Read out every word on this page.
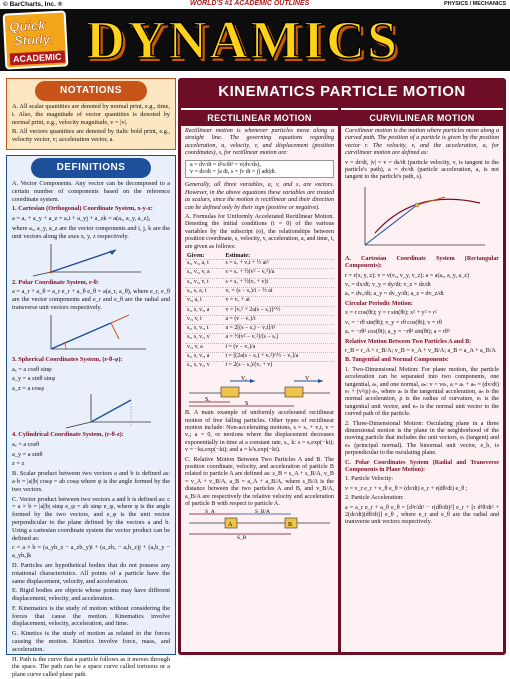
© BarCharts, Inc. ®	WORLD'S #1 ACADEMIC OUTLINES	PHYSICS / MECHANICS
Quick
Study.
ACADEMIC DYNAMICS
NOTATIONS

A. All scalar quantities are denoted by normal print, e.g., time, t. Also, the magnitude of vector quantities is denoted by normal print, e.g., velocity magnitude, v = |v|.

B. All vectors quantities are denoted by italic bold print, e.g., velocity vector, v; acceleration vector, a.

DEFINITIONS

A. Vector Components. Any vector can be decomposed to a certain number of components based on the reference coordinate system.

1. Cartesian (Orthogonal) Coordinate System, x-y-z:

a = aₓ + a_y + a_z = aₓi + a_yj + a_zk = a(aₓ, a_y, a_z),

where aₓ, a_y, a_z are the vector components and i, j, k are the unit vectors along the axes x, y, z respectively.

2. Polar Coordinate System, r-θ:

a = a_r + a_θ = a_r e_r + a_θ e_θ = a(a_r, a_θ), where e_r, e_θ are the vector components and e_r and e_θ are the radial and transverse unit vectors respectively.

3. Spherical Coordinates System, (r-θ-φ):

aₓ = a cosθ sinφ

a_y = a sinθ sinφ

a_z = a cosφ

4. Cylindrical Coordinate System, (r-θ-z):

aₓ = a cosθ

a_y = a sinθ

z = z

B. Scalar product between two vectors a and b is defined as: a·b = |a||b| cosφ = ab cosφ where φ is the angle formed by the two vectors.

C. Vector product between two vectors a and b is defined as: c = a × b = |a||b| sinφ e_φ = ab sinφ e_φ, where φ is the angle formed by the two vectors, and e_φ is the unit vector perpendicular to the plane defined by the vectors a and b. Using a cartesian coordinate system the vector product can be defined as:

c = a × b = (a_yb_z − a_zb_y)i + (a_zbₓ − aₓb_z)j + (aₓb_y − a_ybₓ)k

D. Particles are hypothetical bodies that do not possess any rotational characteristics. All points of a particle have the same displacement, velocity, and acceleration.

E. Rigid bodies are objects whose points may have different displacement, velocity, and acceleration.

F. Kinematics is the study of motion without considering the forces that cause the motion. Kinematics involve displacement, velocity, acceleration, and time.

G. Kinetics is the study of motion as related to the forces causing the motion. Kinetics involve force, mass, and acceleration.

H. Path is the curve that a particle follows as it moves through the space. The path can be a space curve called tortuous or a plane curve called plane path.

KINEMATICS PARTICLE MOTION
RECTILINEAR MOTION

Rectilinear motion is whenever particles move along a straight line. The governing equations regarding acceleration, a, velocity, v, and displacement (position coordinates), s, for rectilinear motion are:

a = dv/dt = d²s/dt² = v(dv/ds),
v = ds/dt = ∫a dt, s = ∫v dt = ∫∫ adt|dt.

Generally, all three variables, a, v, and s, are vectors. However, in the above equations these variables are treated as scalars, since the motion is rectilinear and their direction can be defined only by their sign (positive or negative).

A. Formulas for Uniformly Accelerated Rectilinear Motion. Denoting the initial conditions (t = 0) of the various variables by the subscript (o), the relationships between position coordinate, s, velocity, v, acceleration, a, and time, t, are given as follows:

Given:	Estimate:
sₒ, vₒ, a, t	s = sₒ + vₒt + ½ at²
sₒ, vₒ, v, a	s = sₒ + ½(v² − vₒ²)/a
sₒ, vₒ, v, t	s = sₒ + ½(vₒ + v)t
sₒ, s, a, t	vₒ = (s − sₒ)/t − ½ at
vₒ, a, t	v = vₒ + at
sₒ, s, vₒ, a	v = [vₒ² + 2a(s − sₒ)]^½
vₒ, v, t	a = (v − vₒ)/t
sₒ, s, vₒ, t	a = 2[(s − sₒ) − vₒt]/t²
sₒ, s, vₒ, v	a = ½(v² − vₒ²)/(s − sₒ)
vₒ, v, a	t = (v − vₒ)/a
sₒ, s, vₒ, a	t = [(2a(s − sₒ) + vₒ²)^½ − vₒ]/a
sₒ, s, vₒ, v	t = 2(s − sₒ)/(vₒ + v)
Vₒ	V
Sₒ
S

B. A main example of uniformly accelerated rectilinear motion of free falling particles. Other types of rectilinear motion include: Non-accelerating motions, s = sₒ + vₒt, v = vₒ; a = 0, or motions where the displacement decreases exponentially in time at a constant rate, sₒ, k: s = sₒexp(−kt); v = −ksₒexp(−kt); and a = k²sₒexp(−kt).

C. Relative Motion Between Two Particles A and B. The position coordinate, velocity, and acceleration of particle B related to particle A are defined as: s_B = s_A + s_B/A, v_B = v_A + v_B/A, a_B = a_A + a_B/A, where s_B/A is the distance between the two particles A and B, and v_B/A, a_B/A are respectively the relative velocity and acceleration of particle B with respect to particle A.

A	B
S_A	S_B/A
S_B
CURVILINEAR MOTION

Curvilinear motion is the motion where particles move along a curved path. The position of a particle is given by the position vector r. The velocity, v, and the acceleration, a, for curvilinear motion are defined as:

v = dr/dt, |v| = v = ds/dt (particle velocity, v, is tangent to the particle's path), a = dv/dt (particle acceleration, a, is not tangent to the particle's path, s).

A. Cartesian Coordinate System (Rectangular Components):

r = r(x, y, z); v = v(vₓ, v_y, v_z); a = a(aₓ, a_y, a_z)

vₓ = dx/dt; v_y = dy/dt; v_z = dz/dt

aₓ = dvₓ/dt; a_y = dv_y/dt; a_z = dv_z/dt

Circular Periodic Motion:

x = r cos(θt); y = r sin(θt); x² + y² = r²

vₓ = −rθ sin(θt); v_y = rθ cos(θt); v = rθ

aₓ = −rθ² cos(θt); a_y = −rθ² sin(θt); a = rθ²

Relative Motion Between Two Particles A and B:

r_B = r_A + r_B/A; v_B = v_A + v_B/A; a_B = a_A + a_B/A

B. Tangential and Normal Components:

1. Two-Dimensional Motion: For plane motion, the particle acceleration can be separated into two components, one tangential, aₜ, and one normal, aₙ: v = veₜ, a = aₜ + aₙ = (dv/dt) eₜ + (v²/ρ) eₙ, where aₜ is the tangential acceleration, aₙ is the normal acceleration, ρ is the radius of curvature, eₜ is the tangential unit vector, and eₙ is the normal unit vector to the curved path of the particle.

2. Three-Dimensional Motion: Osculating plane in a three dimensional motion is the plane in the neighborhood of the moving particle that includes the unit vectors, eₜ (tangent) and eₙ (principal normal). The binormal unit vector, e_b, is perpendicular to the osculating plane.

C. Polar Coordinates System (Radial and Transverse Components in Plane Motion):

1. Particle Velocity:

v = v_r e_r + v_θ e_θ = (dr/dt) e_r + r(dθ/dt) e_θ ;

2. Particle Acceleration:

a = a_r e_r + a_θ e_θ = [d²r/dt² − r(dθ/dt)²] e_r + [r d²θ/dt² + 2(dr/dt)(dθ/dt)] e_θ , where e_r and e_θ are the radial and transverse unit vectors respectively.
